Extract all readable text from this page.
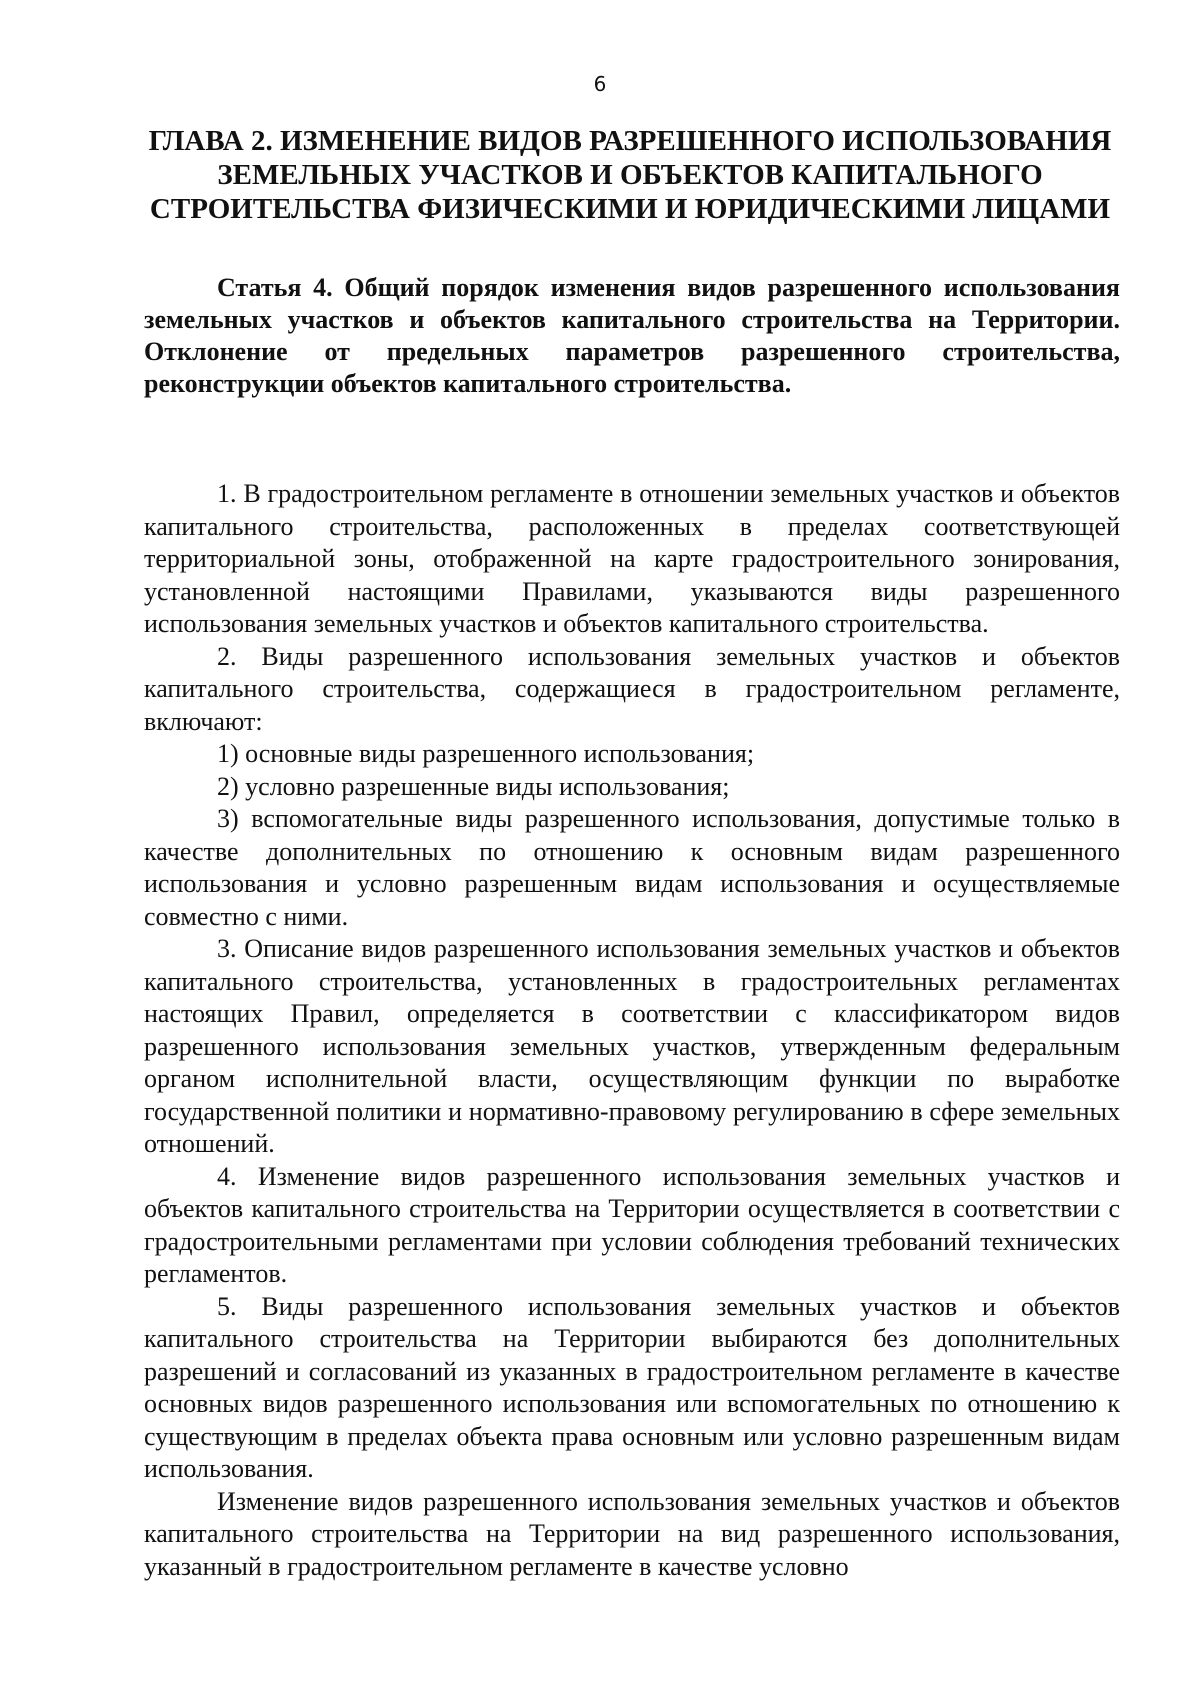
6
ГЛАВА 2. ИЗМЕНЕНИЕ ВИДОВ РАЗРЕШЕННОГО ИСПОЛЬЗОВАНИЯ ЗЕМЕЛЬНЫХ УЧАСТКОВ И ОБЪЕКТОВ КАПИТАЛЬНОГО СТРОИТЕЛЬСТВА ФИЗИЧЕСКИМИ И ЮРИДИЧЕСКИМИ ЛИЦАМИ
Статья 4. Общий порядок изменения видов разрешенного использования земельных участков и объектов капитального строительства на Территории. Отклонение от предельных параметров разрешенного строительства, реконструкции объектов капитального строительства.

1. В градостроительном регламенте в отношении земельных участков и объектов капитального строительства, расположенных в пределах соответствующей территориальной зоны, отображенной на карте градостроительного зонирования, установленной настоящими Правилами, указываются виды разрешенного использования земельных участков и объектов капитального строительства.

2. Виды разрешенного использования земельных участков и объектов капитального строительства, содержащиеся в градостроительном регламенте, включают:

1) основные виды разрешенного использования;

2) условно разрешенные виды использования;

3) вспомогательные виды разрешенного использования, допустимые только в качестве дополнительных по отношению к основным видам разрешенного использования и условно разрешенным видам использования и осуществляемые совместно с ними.

3. Описание видов разрешенного использования земельных участков и объектов капитального строительства, установленных в градостроительных регламентах настоящих Правил, определяется в соответствии с классификатором видов разрешенного использования земельных участков, утвержденным федеральным органом исполнительной власти, осуществляющим функции по выработке государственной политики и нормативно-правовому регулированию в сфере земельных отношений.

4. Изменение видов разрешенного использования земельных участков и объектов капитального строительства на Территории осуществляется в соответствии с градостроительными регламентами при условии соблюдения требований технических регламентов.

5. Виды разрешенного использования земельных участков и объектов капитального строительства на Территории выбираются без дополнительных разрешений и согласований из указанных в градостроительном регламенте в качестве основных видов разрешенного использования или вспомогательных по отношению к существующим в пределах объекта права основным или условно разрешенным видам использования.

Изменение видов разрешенного использования земельных участков и объектов капитального строительства на Территории на вид разрешенного использования, указанный в градостроительном регламенте в качестве условно
